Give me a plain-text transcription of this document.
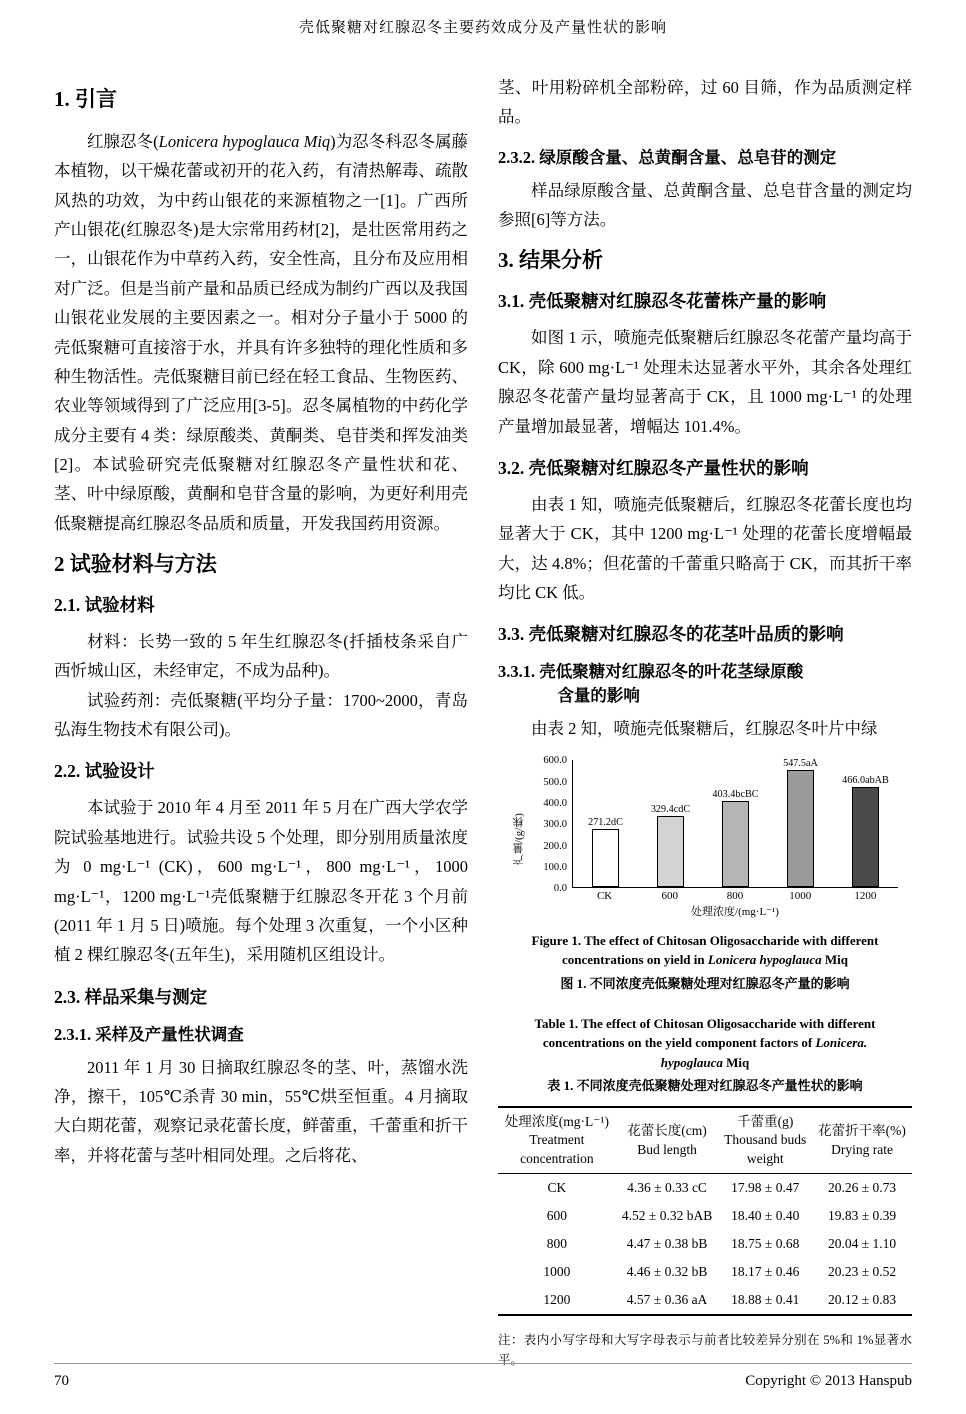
壳低聚糖对红腺忍冬主要药效成分及产量性状的影响
1. 引言

红腺忍冬(Lonicera hypoglauca Miq)为忍冬科忍冬属藤本植物，以干燥花蕾或初开的花入药，有清热解毒、疏散风热的功效，为中药山银花的来源植物之一[1]。广西所产山银花(红腺忍冬)是大宗常用药材[2]，是壮医常用药之一，山银花作为中草药入药，安全性高，且分布及应用相对广泛。但是当前产量和品质已经成为制约广西以及我国山银花业发展的主要因素之一。相对分子量小于 5000 的壳低聚糖可直接溶于水，并具有许多独特的理化性质和多种生物活性。壳低聚糖目前已经在轻工食品、生物医药、农业等领域得到了广泛应用[3-5]。忍冬属植物的中药化学成分主要有 4 类：绿原酸类、黄酮类、皂苷类和挥发油类[2]。本试验研究壳低聚糖对红腺忍冬产量性状和花、茎、叶中绿原酸，黄酮和皂苷含量的影响，为更好利用壳低聚糖提高红腺忍冬品质和质量，开发我国药用资源。

2 试验材料与方法
2.1. 试验材料

材料：长势一致的 5 年生红腺忍冬(扦插枝条采自广西忻城山区，未经审定，不成为品种)。

试验药剂：壳低聚糖(平均分子量：1700~2000，青岛弘海生物技术有限公司)。

2.2. 试验设计

本试验于 2010 年 4 月至 2011 年 5 月在广西大学农学院试验基地进行。试验共设 5 个处理，即分别用质量浓度为 0 mg·L⁻¹ (CK)，600 mg·L⁻¹，800 mg·L⁻¹，1000 mg·L⁻¹，1200 mg·L⁻¹壳低聚糖于红腺忍冬开花 3 个月前(2011 年 1 月 5 日)喷施。每个处理 3 次重复，一个小区种植 2 棵红腺忍冬(五年生)，采用随机区组设计。

2.3. 样品采集与测定
2.3.1. 采样及产量性状调查

2011 年 1 月 30 日摘取红腺忍冬的茎、叶，蒸馏水洗净，擦干，105℃杀青 30 min，55℃烘至恒重。4 月摘取大白期花蕾，观察记录花蕾长度，鲜蕾重，千蕾重和折干率，并将花蕾与茎叶相同处理。之后将花、

茎、叶用粉碎机全部粉碎，过 60 目筛，作为品质测定样品。

2.3.2. 绿原酸含量、总黄酮含量、总皂苷的测定

样品绿原酸含量、总黄酮含量、总皂苷含量的测定均参照[6]等方法。

3. 结果分析
3.1. 壳低聚糖对红腺忍冬花蕾株产量的影响

如图 1 示，喷施壳低聚糖后红腺忍冬花蕾产量均高于 CK，除 600 mg·L⁻¹ 处理未达显著水平外，其余各处理红腺忍冬花蕾产量均显著高于 CK，且 1000 mg·L⁻¹ 的处理产量增加最显著，增幅达 101.4%。

3.2. 壳低聚糖对红腺忍冬产量性状的影响

由表 1 知，喷施壳低聚糖后，红腺忍冬花蕾长度也均显著大于 CK，其中 1200 mg·L⁻¹ 处理的花蕾长度增幅最大，达 4.8%；但花蕾的千蕾重只略高于 CK，而其折干率均比 CK 低。

3.3. 壳低聚糖对红腺忍冬的花茎叶品质的影响
3.3.1. 壳低聚糖对红腺忍冬的叶花茎绿原酸
含量的影响

由表 2 知，喷施壳低聚糖后，红腺忍冬叶片中绿

产量/(g/株)
0.0
100.0
200.0
300.0
400.0
500.0
600.0
271.2dC
329.4cdC
403.4bcBC
547.5aA
466.0abAB
CK	600	800	1000	1200
处理浓度/(mg·L⁻¹)
Figure 1. The effect of Chitosan Oligosaccharide with different concentrations on yield in Lonicera hypoglauca Miq
图 1. 不同浓度壳低聚糖处理对红腺忍冬产量的影响
Table 1. The effect of Chitosan Oligosaccharide with different concentrations on the yield component factors of Lonicera. hypoglauca Miq
表 1. 不同浓度壳低聚糖处理对红腺忍冬产量性状的影响
处理浓度(mg·L⁻¹)
Treatment
concentration

花蕾长度(cm)
Bud length

千蕾重(g)
Thousand buds
weight

花蕾折干率(%)
Drying rate

CK	4.36 ± 0.33 cC	17.98 ± 0.47	20.26 ± 0.73
600	4.52 ± 0.32 bAB	18.40 ± 0.40	19.83 ± 0.39
800	4.47 ± 0.38 bB	18.75 ± 0.68	20.04 ± 1.10
1000	4.46 ± 0.32 bB	18.17 ± 0.46	20.23 ± 0.52
1200	4.57 ± 0.36 aA	18.88 ± 0.41	20.12 ± 0.83

注：表内小写字母和大写字母表示与前者比较差异分别在 5%和 1%显著水平。

70	Copyright © 2013 Hanspub
